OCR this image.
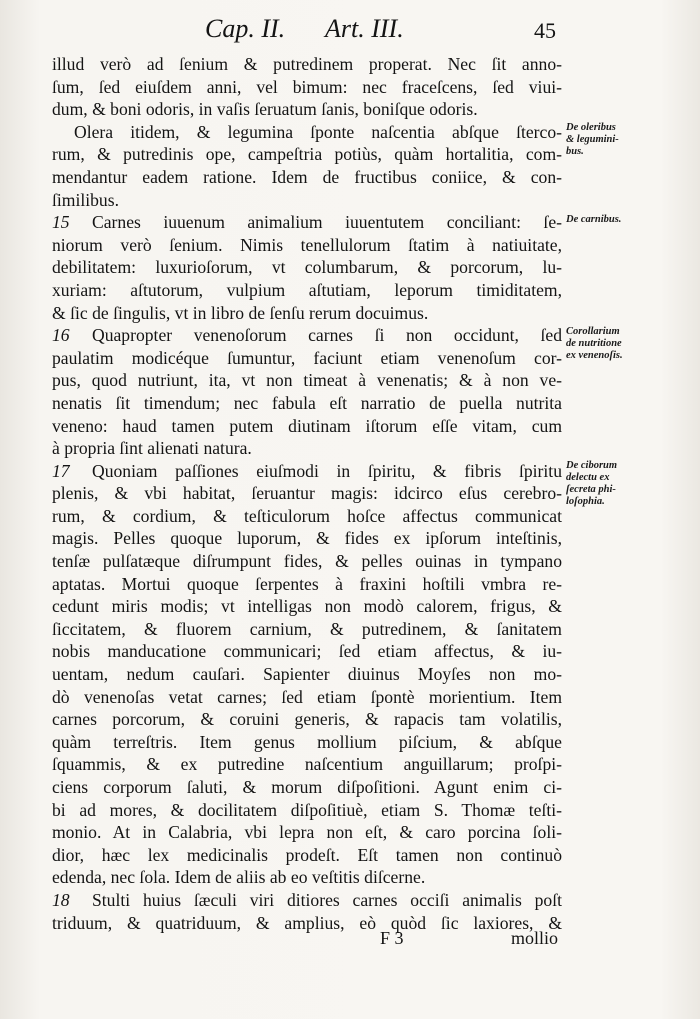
Cap. II. Art. III.	45
illud verò ad ſenium & putredinem properat. Nec ſit anno-
ſum, ſed eiuſdem anni, vel bimum: nec fraceſcens, ſed viui-
dum, & boni odoris, in vaſis ſeruatum ſanis, boniſque odoris.
Olera itidem, & legumina ſponte naſcentia abſque ſterco-
rum, & putredinis ope, campeſtria potiùs, quàm hortalitia, com-
mendantur eadem ratione. Idem de fructibus coniice, & con-
ſimilibus.
15 Carnes iuuenum animalium iuuentutem conciliant: ſe-
niorum verò ſenium. Nimis tenellulorum ſtatim à natiuitate,
debilitatem: luxurioſorum, vt columbarum, & porcorum, lu-
xuriam: aſtutorum, vulpium aſtutiam, leporum timiditatem,
& ſic de ſingulis, vt in libro de ſenſu rerum docuimus.
16 Quapropter venenoſorum carnes ſi non occidunt, ſed
paulatim modicéque ſumuntur, faciunt etiam venenoſum cor-
pus, quod nutriunt, ita, vt non timeat à venenatis; & à non ve-
nenatis ſit timendum; nec fabula eſt narratio de puella nutrita
veneno: haud tamen putem diutinam iſtorum eſſe vitam, cum
à propria ſint alienati natura.
17 Quoniam paſſiones eiuſmodi in ſpiritu, & fibris ſpiritu
plenis, & vbi habitat, ſeruantur magis: idcirco eſus cerebro-
rum, & cordium, & teſticulorum hoſce affectus communicat
magis. Pelles quoque luporum, & fides ex ipſorum inteſtinis,
tenſæ pulſatæque diſrumpunt fides, & pelles ouinas in tympano
aptatas. Mortui quoque ſerpentes à fraxini hoſtili vmbra re-
cedunt miris modis; vt intelligas non modò calorem, frigus, &
ſiccitatem, & fluorem carnium, & putredinem, & ſanitatem
nobis manducatione communicari; ſed etiam affectus, & iu-
uentam, nedum cauſari. Sapienter diuinus Moyſes non mo-
dò venenoſas vetat carnes; ſed etiam ſpontè morientium. Item
carnes porcorum, & coruini generis, & rapacis tam volatilis,
quàm terreſtris. Item genus mollium piſcium, & abſque
ſquammis, & ex putredine naſcentium anguillarum; proſpi-
ciens corporum ſaluti, & morum diſpoſitioni. Agunt enim ci-
bi ad mores, & docilitatem diſpoſitiuè, etiam S. Thomæ teſti-
monio. At in Calabria, vbi lepra non eſt, & caro porcina ſoli-
dior, hæc lex medicinalis prodeſt. Eſt tamen non continuò
edenda, nec ſola. Idem de aliis ab eo veſtitis diſcerne.
18 Stulti huius ſæculi viri ditiores carnes occiſi animalis poſt
triduum, & quatriduum, & amplius, eò quòd ſic laxiores, &
De oleribus
& legumini-
bus.
De carnibus.
Corollarium
de nutritione
ex venenoſis.
De ciborum
delectu ex
ſecreta phi-
loſophia.
F 3	mollio
